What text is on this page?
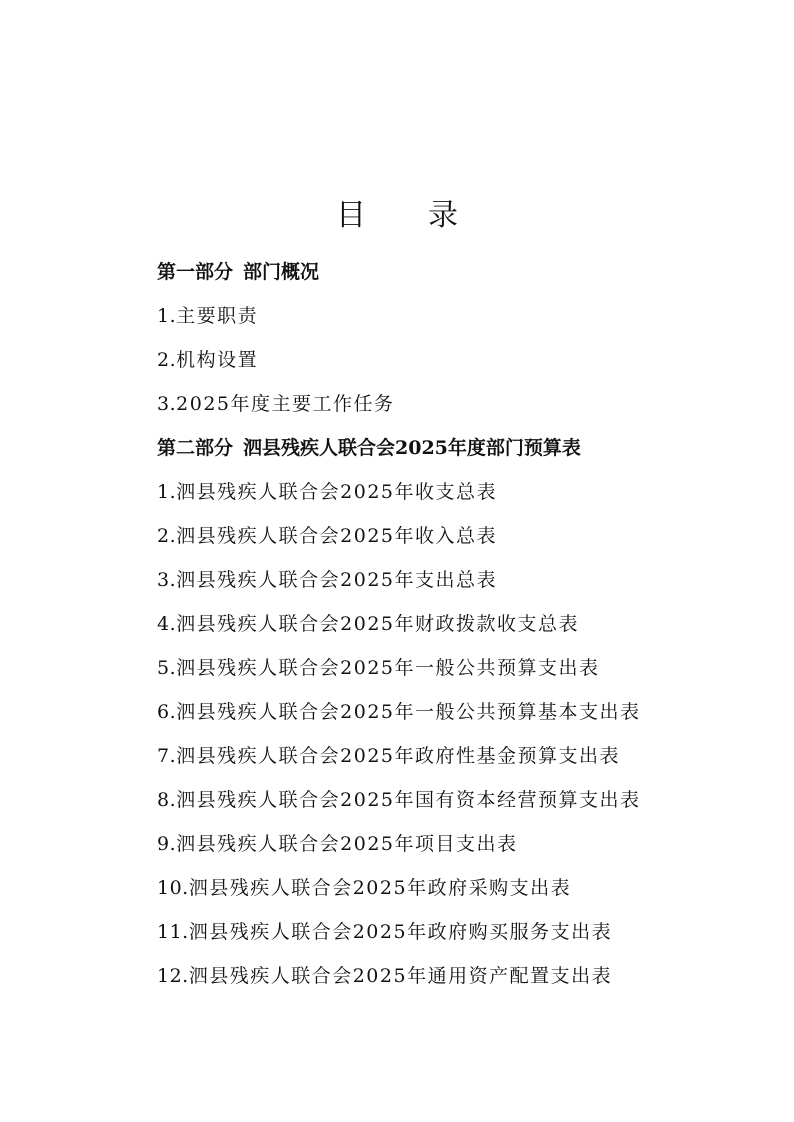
目录
第一部分 部门概况
1.主要职责
2.机构设置
3.2025年度主要工作任务
第二部分 泗县残疾人联合会2025年度部门预算表
1.泗县残疾人联合会2025年收支总表
2.泗县残疾人联合会2025年收入总表
3.泗县残疾人联合会2025年支出总表
4.泗县残疾人联合会2025年财政拨款收支总表
5.泗县残疾人联合会2025年一般公共预算支出表
6.泗县残疾人联合会2025年一般公共预算基本支出表
7.泗县残疾人联合会2025年政府性基金预算支出表
8.泗县残疾人联合会2025年国有资本经营预算支出表
9.泗县残疾人联合会2025年项目支出表
10.泗县残疾人联合会2025年政府采购支出表
11.泗县残疾人联合会2025年政府购买服务支出表
12.泗县残疾人联合会2025年通用资产配置支出表
